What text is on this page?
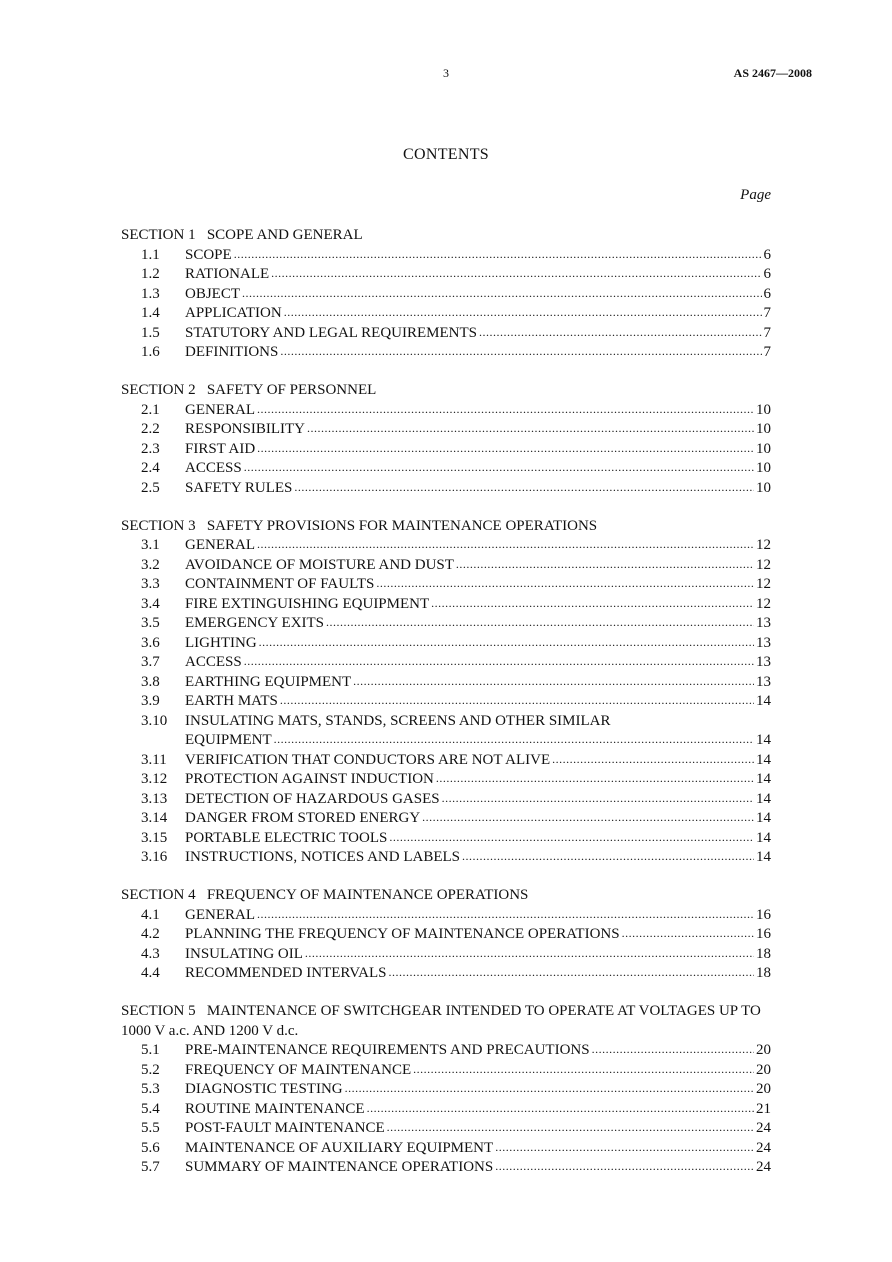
3	AS 2467—2008
CONTENTS
Page
SECTION 1   SCOPE AND GENERAL
1.1	SCOPE .....	6
1.2	RATIONALE .....	6
1.3	OBJECT .....	6
1.4	APPLICATION .....	7
1.5	STATUTORY AND LEGAL REQUIREMENTS .....	7
1.6	DEFINITIONS .....	7
SECTION 2   SAFETY OF PERSONNEL
2.1	GENERAL .....	10
2.2	RESPONSIBILITY .....	10
2.3	FIRST AID .....	10
2.4	ACCESS .....	10
2.5	SAFETY RULES .....	10
SECTION 3   SAFETY PROVISIONS FOR MAINTENANCE OPERATIONS
3.1	GENERAL .....	12
3.2	AVOIDANCE OF MOISTURE AND DUST .....	12
3.3	CONTAINMENT OF FAULTS .....	12
3.4	FIRE EXTINGUISHING EQUIPMENT .....	12
3.5	EMERGENCY EXITS .....	13
3.6	LIGHTING .....	13
3.7	ACCESS .....	13
3.8	EARTHING EQUIPMENT .....	13
3.9	EARTH MATS .....	14
3.10	INSULATING MATS, STANDS, SCREENS AND OTHER SIMILAR
EQUIPMENT .....	14
3.11	VERIFICATION THAT CONDUCTORS ARE NOT ALIVE .....	14
3.12	PROTECTION AGAINST INDUCTION .....	14
3.13	DETECTION OF HAZARDOUS GASES .....	14
3.14	DANGER FROM STORED ENERGY .....	14
3.15	PORTABLE ELECTRIC TOOLS .....	14
3.16	INSTRUCTIONS, NOTICES AND LABELS .....	14
SECTION 4   FREQUENCY OF MAINTENANCE OPERATIONS
4.1	GENERAL .....	16
4.2	PLANNING THE FREQUENCY OF MAINTENANCE OPERATIONS .....	16
4.3	INSULATING OIL .....	18
4.4	RECOMMENDED INTERVALS .....	18
SECTION 5   MAINTENANCE OF SWITCHGEAR INTENDED TO OPERATE AT VOLTAGES UP TO 1000 V a.c. AND 1200 V d.c.
5.1	PRE-MAINTENANCE REQUIREMENTS AND PRECAUTIONS .....	20
5.2	FREQUENCY OF MAINTENANCE .....	20
5.3	DIAGNOSTIC TESTING .....	20
5.4	ROUTINE MAINTENANCE .....	21
5.5	POST-FAULT MAINTENANCE .....	24
5.6	MAINTENANCE OF AUXILIARY EQUIPMENT .....	24
5.7	SUMMARY OF MAINTENANCE OPERATIONS .....	24
